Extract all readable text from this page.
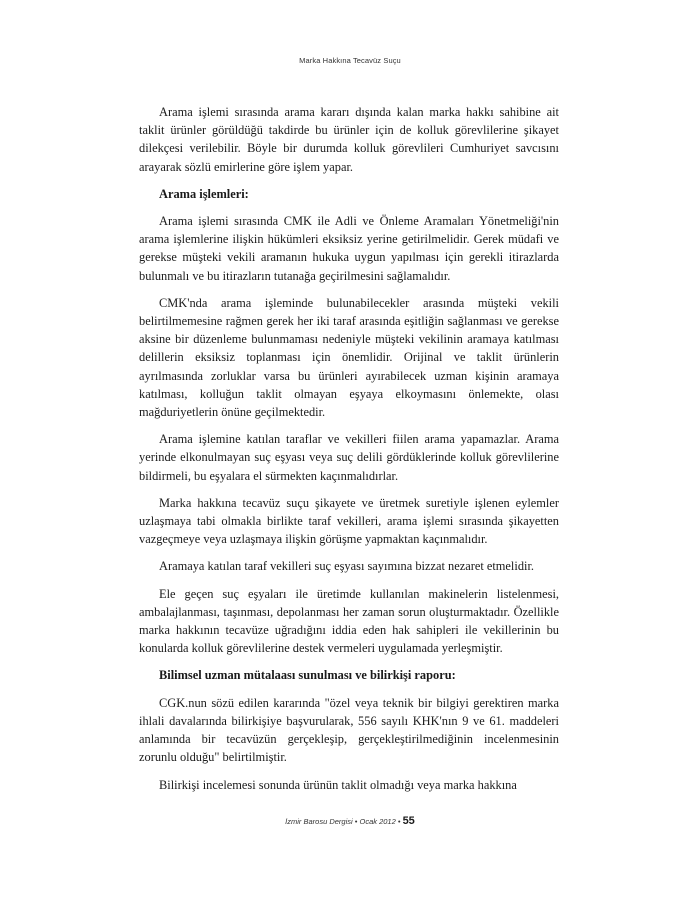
Marka Hakkına Tecavüz Suçu

Arama işlemi sırasında arama kararı dışında kalan marka hakkı sahibine ait taklit ürünler görüldüğü takdirde bu ürünler için de kolluk görevlilerine şikayet dilekçesi verilebilir. Böyle bir durumda kolluk görevlileri Cumhuriyet savcısını arayarak sözlü emirlerine göre işlem yapar.

Arama işlemleri:

Arama işlemi sırasında CMK ile Adli ve Önleme Aramaları Yönetmeliği'nin arama işlemlerine ilişkin hükümleri eksiksiz yerine getirilmelidir. Gerek müdafi ve gerekse müşteki vekili aramanın hukuka uygun yapılması için gerekli itirazlarda bulunmalı ve bu itirazların tutanağa geçirilmesini sağlamalıdır.

CMK'nda arama işleminde bulunabilecekler arasında müşteki vekili belirtilmemesine rağmen gerek her iki taraf arasında eşitliğin sağlanması ve gerekse aksine bir düzenleme bulunmaması nedeniyle müşteki vekilinin aramaya katılması delillerin eksiksiz toplanması için önemlidir. Orijinal ve taklit ürünlerin ayrılmasında zorluklar varsa bu ürünleri ayırabilecek uzman kişinin aramaya katılması, kolluğun taklit olmayan eşyaya elkoymasını önlemekte, olası mağduriyetlerin önüne geçilmektedir.

Arama işlemine katılan taraflar ve vekilleri fiilen arama yapamazlar. Arama yerinde elkonulmayan suç eşyası veya suç delili gördüklerinde kolluk görevlilerine bildirmeli, bu eşyalara el sürmekten kaçınmalıdırlar.

Marka hakkına tecavüz suçu şikayete ve üretmek suretiyle işlenen eylemler uzlaşmaya tabi olmakla birlikte taraf vekilleri, arama işlemi sırasında şikayetten vazgeçmeye veya uzlaşmaya ilişkin görüşme yapmaktan kaçınmalıdır.

Aramaya katılan taraf vekilleri suç eşyası sayımına bizzat nezaret etmelidir.

Ele geçen suç eşyaları ile üretimde kullanılan makinelerin listelenmesi, ambalajlanması, taşınması, depolanması her zaman sorun oluşturmaktadır. Özellikle marka hakkının tecavüze uğradığını iddia eden hak sahipleri ile vekillerinin bu konularda kolluk görevlilerine destek vermeleri uygulamada yerleşmiştir.

Bilimsel uzman mütalaası sunulması ve bilirkişi raporu:

CGK.nun sözü edilen kararında "özel veya teknik bir bilgiyi gerektiren marka ihlali davalarında bilirkişiye başvurularak, 556 sayılı KHK'nın 9 ve 61. maddeleri anlamında bir tecavüzün gerçekleşip, gerçekleştirilmediğinin incelenmesinin zorunlu olduğu" belirtilmiştir.

Bilirkişi incelemesi sonunda ürünün taklit olmadığı veya marka hakkına

İzmir Barosu Dergisi • Ocak 2012 • 55
